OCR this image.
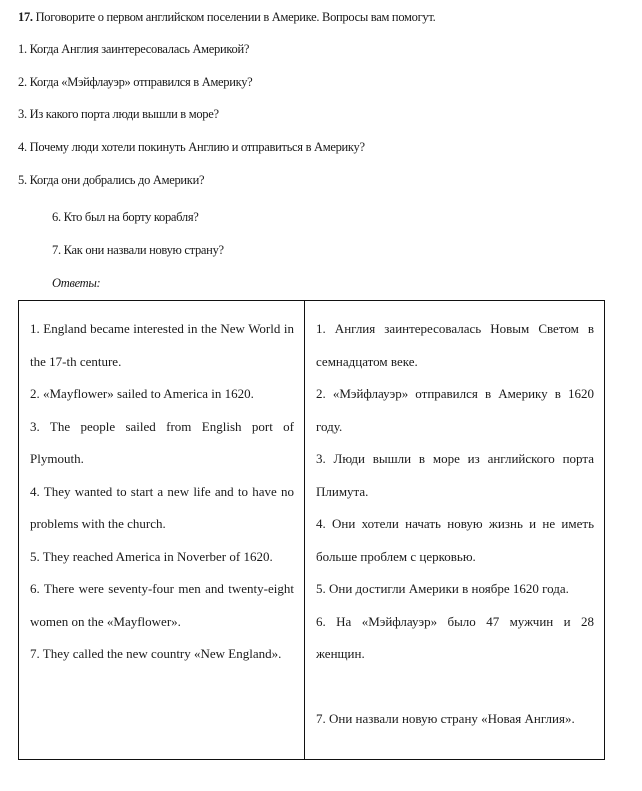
17. Поговорите о первом английском поселении в Америке. Вопросы вам помогут.
1. Когда Англия заинтересовалась Америкой?
2. Когда «Мэйфлауэр» отправился в Америку?
3. Из какого порта люди вышли в море?
4. Почему люди хотели покинуть Англию и отправиться в Америку?
5. Когда они добрались до Америки?
6. Кто был на борту корабля?
7. Как они назвали новую страну?
Ответы:

1. England became interested in the New World in the 17-th centure.

2. «Mayflower» sailed to America in 1620.

3. The people sailed from English port of Plymouth.

4. They wanted to start a new life and to have no problems with the church.

5. They reached America in Noverber of 1620.

6. There were seventy-four men and twenty-eight women on the «Mayflower».

7. They called the new country «New England».

1. Англия заинтересовалась Новым Светом в семнадцатом веке.

2. «Мэйфлауэр» отправился в Америку в 1620 году.

3. Люди вышли в море из английского порта Плимута.

4. Они хотели начать новую жизнь и не иметь больше проблем с церковью.

5. Они достигли Америки в ноябре 1620 года.

6. На «Мэйфлауэр» было 47 мужчин и 28 женщин.

7. Они назвали новую страну «Новая Англия».
